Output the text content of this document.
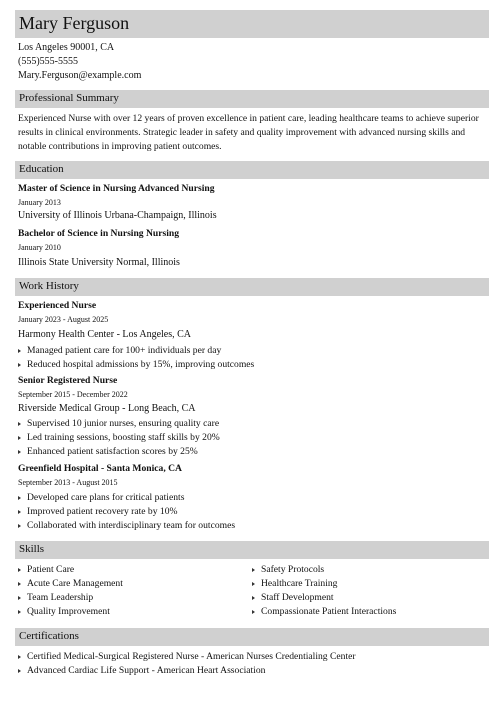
Mary Ferguson
Los Angeles 90001, CA
(555)555-5555
Mary.Ferguson@example.com
Professional Summary
Experienced Nurse with over 12 years of proven excellence in patient care, leading healthcare teams to achieve superior results in clinical environments. Strategic leader in safety and quality improvement with advanced nursing skills and notable contributions in improving patient outcomes.
Education
Master of Science in Nursing Advanced Nursing
January 2013
University of Illinois Urbana-Champaign, Illinois
Bachelor of Science in Nursing Nursing
January 2010
Illinois State University Normal, Illinois
Work History
Experienced Nurse
January 2023 - August 2025
Harmony Health Center - Los Angeles, CA
Managed patient care for 100+ individuals per day
Reduced hospital admissions by 15%, improving outcomes
Senior Registered Nurse
September 2015 - December 2022
Riverside Medical Group - Long Beach, CA
Supervised 10 junior nurses, ensuring quality care
Led training sessions, boosting staff skills by 20%
Enhanced patient satisfaction scores by 25%
Greenfield Hospital - Santa Monica, CA
September 2013 - August 2015
Developed care plans for critical patients
Improved patient recovery rate by 10%
Collaborated with interdisciplinary team for outcomes
Skills
Patient Care
Acute Care Management
Team Leadership
Quality Improvement
Safety Protocols
Healthcare Training
Staff Development
Compassionate Patient Interactions
Certifications
Certified Medical-Surgical Registered Nurse - American Nurses Credentialing Center
Advanced Cardiac Life Support - American Heart Association
